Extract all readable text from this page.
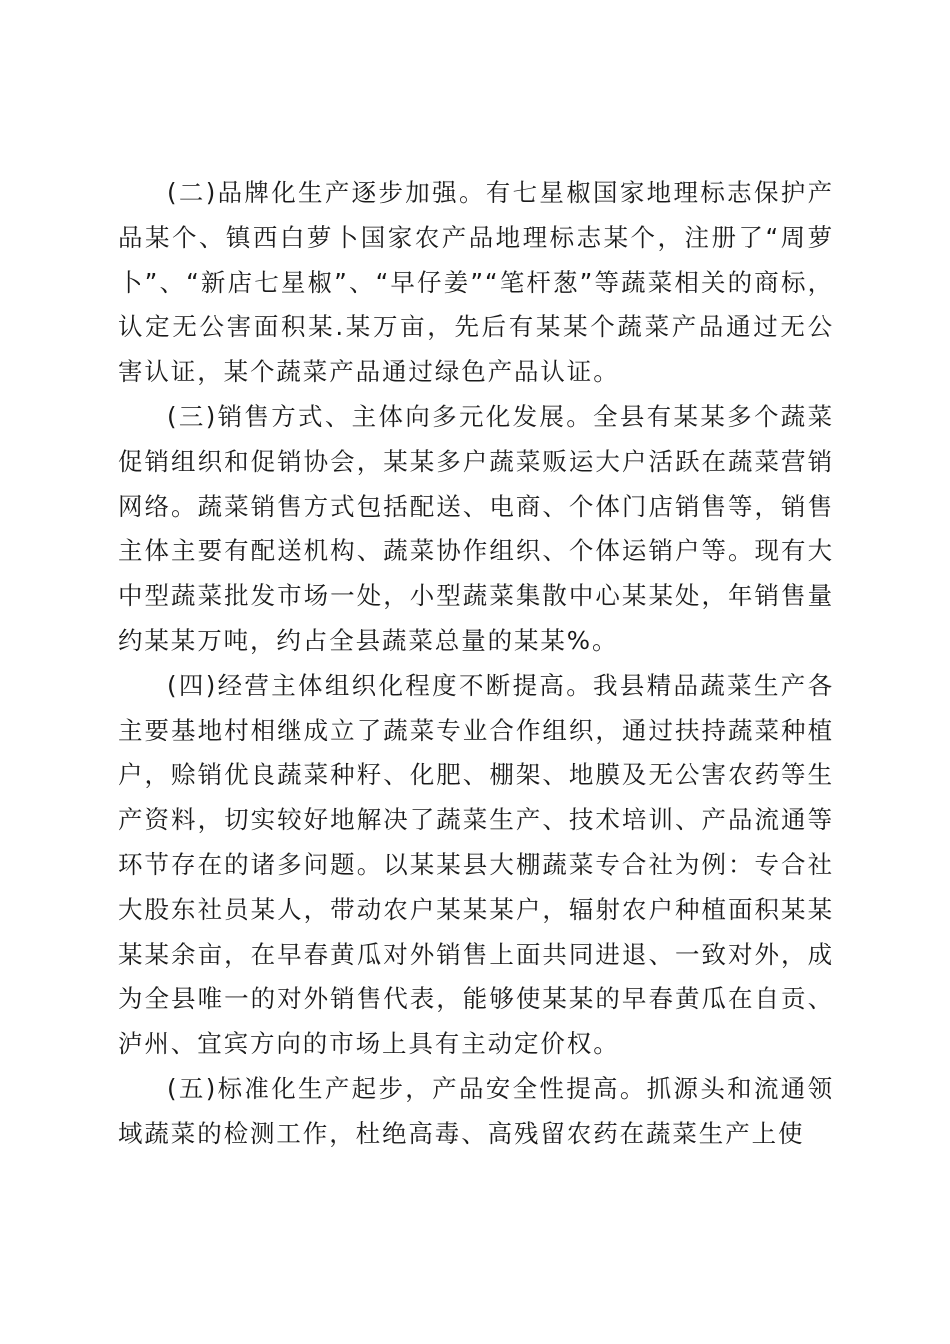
(二)品牌化生产逐步加强。有七星椒国家地理标志保护产品某个、镇西白萝卜国家农产品地理标志某个，注册了“周萝卜”、“新店七星椒”、“早仔姜”“笔杆葱”等蔬菜相关的商标，认定无公害面积某.某万亩，先后有某某个蔬菜产品通过无公害认证，某个蔬菜产品通过绿色产品认证。

(三)销售方式、主体向多元化发展。全县有某某多个蔬菜促销组织和促销协会，某某多户蔬菜贩运大户活跃在蔬菜营销网络。蔬菜销售方式包括配送、电商、个体门店销售等，销售主体主要有配送机构、蔬菜协作组织、个体运销户等。现有大中型蔬菜批发市场一处，小型蔬菜集散中心某某处，年销售量约某某万吨，约占全县蔬菜总量的某某%。

(四)经营主体组织化程度不断提高。我县精品蔬菜生产各主要基地村相继成立了蔬菜专业合作组织，通过扶持蔬菜种植户，赊销优良蔬菜种籽、化肥、棚架、地膜及无公害农药等生产资料，切实较好地解决了蔬菜生产、技术培训、产品流通等环节存在的诸多问题。以某某县大棚蔬菜专合社为例：专合社大股东社员某人，带动农户某某某户，辐射农户种植面积某某某某余亩，在早春黄瓜对外销售上面共同进退、一致对外，成为全县唯一的对外销售代表，能够使某某的早春黄瓜在自贡、泸州、宜宾方向的市场上具有主动定价权。

(五)标准化生产起步，产品安全性提高。抓源头和流通领域蔬菜的检测工作，杜绝高毒、高残留农药在蔬菜生产上使
